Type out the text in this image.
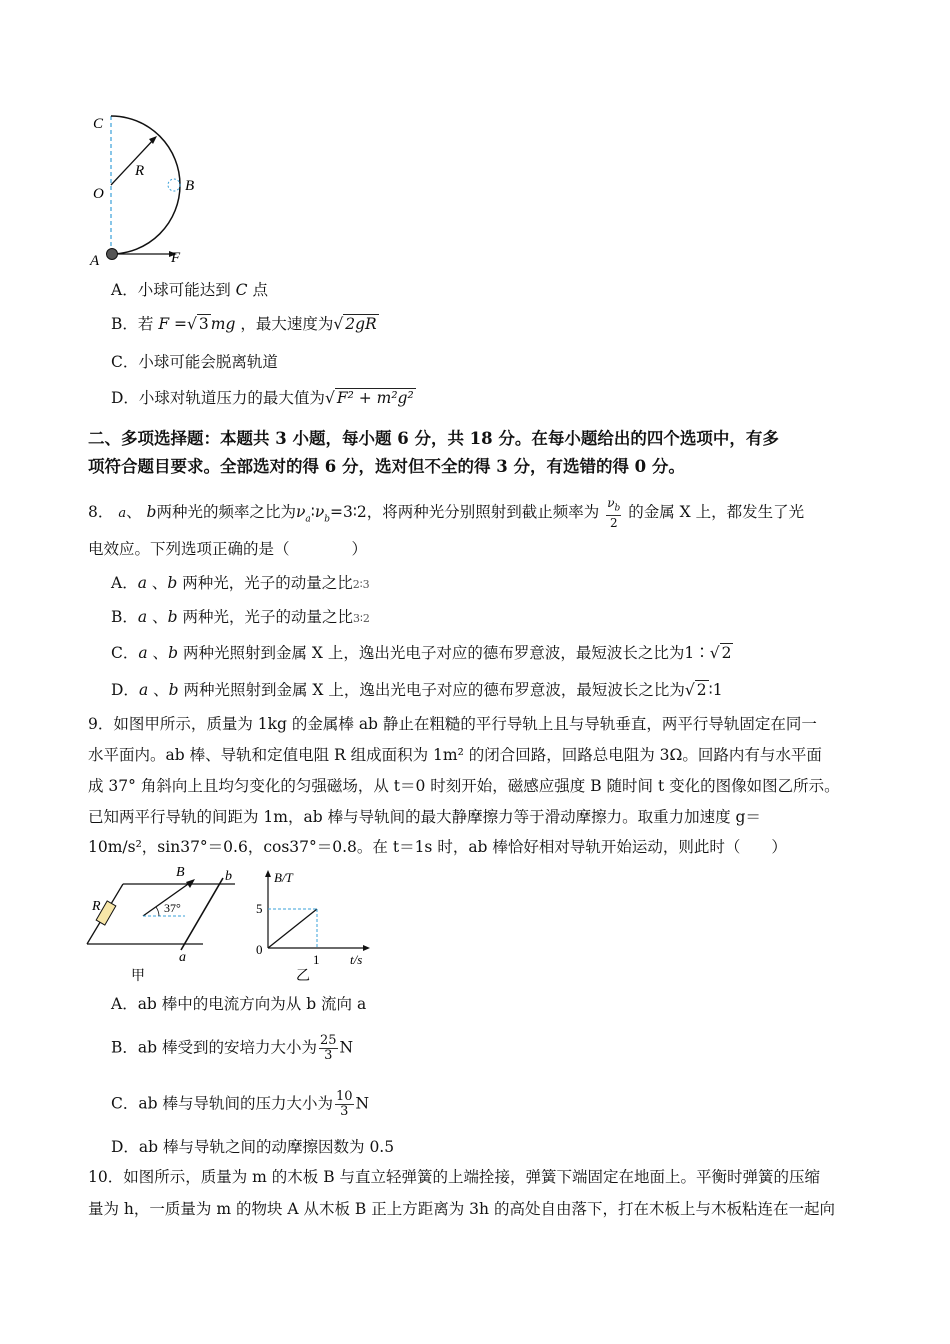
C
O
A
R
B
F
A．小球可能达到 C 点
B．若 F =√ 3 mg ，最大速度为√ 2gR
C．小球可能会脱离轨道
D．小球对轨道压力的最大值为√ F² + m²g²
二、多项选择题：本题共 3 小题，每小题 6 分，共 18 分。在每小题给出的四个选项中，有多
项符合题目要求。全部选对的得 6 分，选对但不全的得 3 分，有选错的得 0 分。
8． a、 b两种光的频率之比为$\nu_a∶\nu_b=3∶2$，将两种光分别照射到截止频率为 $\frac{\nu_b}{2}$ 的金属 X 上，都发生了光
电效应。下列选项正确的是（　　　　）
A．a 、b 两种光，光子的动量之比2∶3
B．a 、b 两种光，光子的动量之比3∶2
C．a 、b 两种光照射到金属 X 上，逸出光电子对应的德布罗意波，最短波长之比为1∶√ 2
D．a 、b 两种光照射到金属 X 上，逸出光电子对应的德布罗意波，最短波长之比为√ 2 ∶1
9．如图甲所示，质量为 1kg 的金属棒 ab 静止在粗糙的平行导轨上且与导轨垂直，两平行导轨固定在同一
水平面内。ab 棒、导轨和定值电阻 R 组成面积为 1m² 的闭合回路，回路总电阻为 3Ω。回路内有与水平面
成 37° 角斜向上且均匀变化的匀强磁场，从 t＝0 时刻开始，磁感应强度 B 随时间 t 变化的图像如图乙所示。
已知两平行导轨的间距为 1m，ab 棒与导轨间的最大静摩擦力等于滑动摩擦力。取重力加速度 g＝
10m/s²，sin37°＝0.6，cos37°＝0.8。在 t＝1s 时，ab 棒恰好相对导轨开始运动，则此时（　　）
B	b
R	37°
a
甲
B/T
5
0
1 t/s
乙
A．ab 棒中的电流方向为从 b 流向 a
B．ab 棒受到的安培力大小为 $\frac{25}{3}$ N
C．ab 棒与导轨间的压力大小为 $\frac{10}{3}$ N
D．ab 棒与导轨之间的动摩擦因数为 0.5
10．如图所示，质量为 m 的木板 B 与直立轻弹簧的上端拴接，弹簧下端固定在地面上。平衡时弹簧的压缩
量为 h，一质量为 m 的物块 A 从木板 B 正上方距离为 3h 的高处自由落下，打在木板上与木板粘连在一起向
